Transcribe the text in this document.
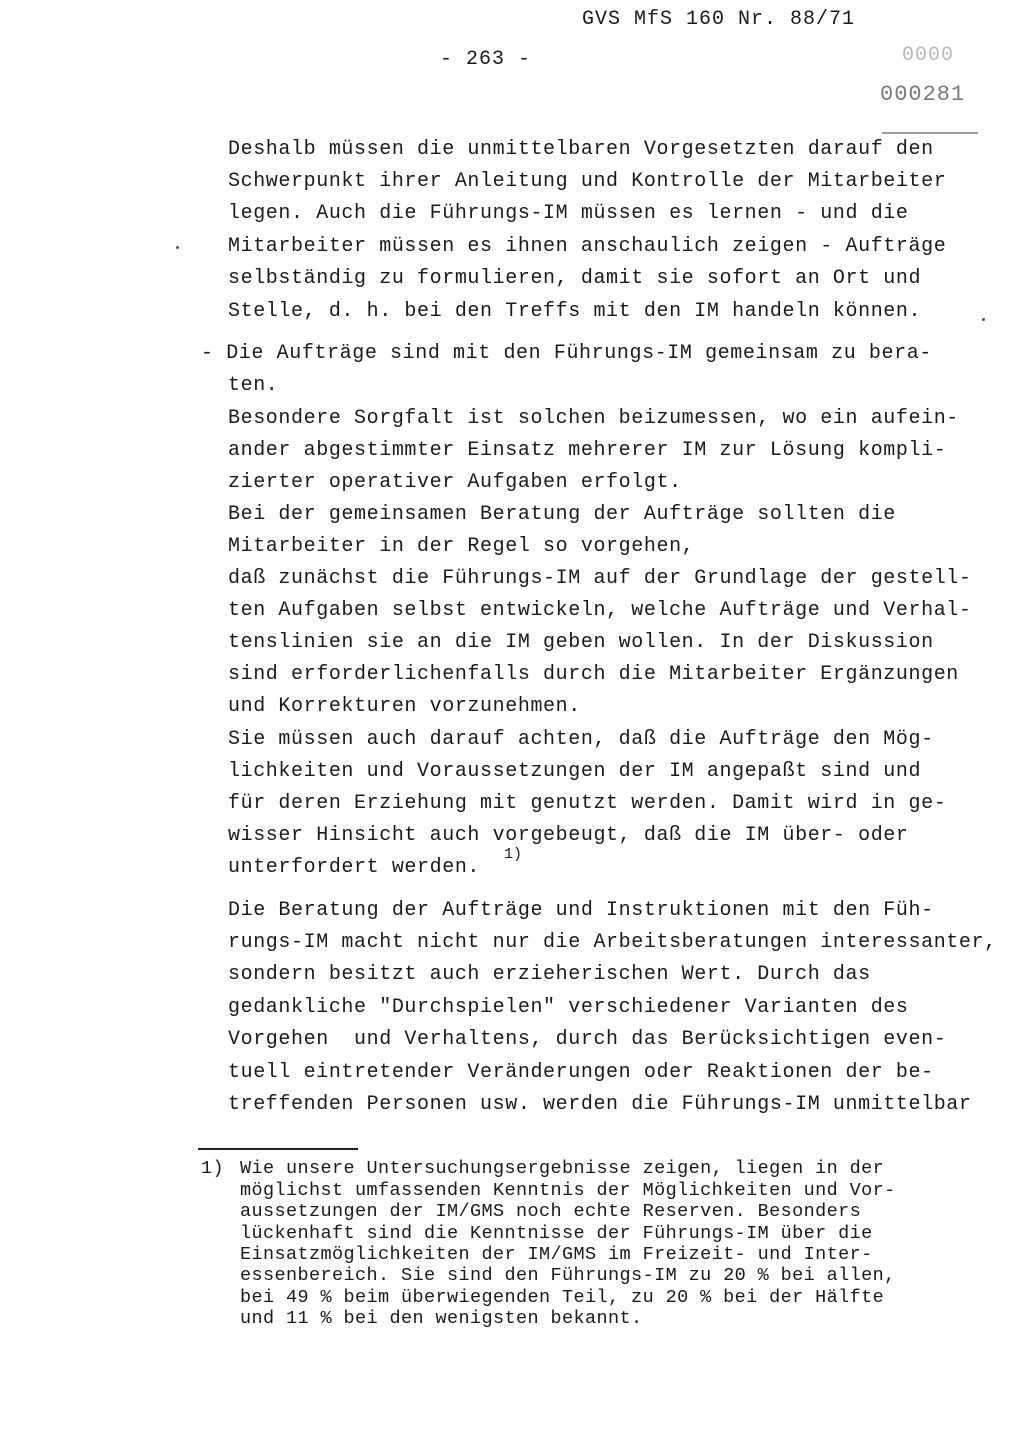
GVS MfS 160 Nr. 88/71
- 263 -	0000
000281
Deshalb müssen die unmittelbaren Vorgesetzten darauf den
Schwerpunkt ihrer Anleitung und Kontrolle der Mitarbeiter
legen. Auch die Führungs-IM müssen es lernen - und die
Mitarbeiter müssen es ihnen anschaulich zeigen - Aufträge
selbständig zu formulieren, damit sie sofort an Ort und
Stelle, d. h. bei den Treffs mit den IM handeln können.
- Die Aufträge sind mit den Führungs-IM gemeinsam zu bera-
ten.
Besondere Sorgfalt ist solchen beizumessen, wo ein aufein-
ander abgestimmter Einsatz mehrerer IM zur Lösung kompli-
zierter operativer Aufgaben erfolgt.
Bei der gemeinsamen Beratung der Aufträge sollten die
Mitarbeiter in der Regel so vorgehen,
daß zunächst die Führungs-IM auf der Grundlage der gestell-
ten Aufgaben selbst entwickeln, welche Aufträge und Verhal-
tenslinien sie an die IM geben wollen. In der Diskussion
sind erforderlichenfalls durch die Mitarbeiter Ergänzungen
und Korrekturen vorzunehmen.
Sie müssen auch darauf achten, daß die Aufträge den Mög-
lichkeiten und Voraussetzungen der IM angepaßt sind und
für deren Erziehung mit genutzt werden. Damit wird in ge-
wisser Hinsicht auch vorgebeugt, daß die IM über- oder
unterfordert werden.
1)
Die Beratung der Aufträge und Instruktionen mit den Füh-
rungs-IM macht nicht nur die Arbeitsberatungen interessanter,
sondern besitzt auch erzieherischen Wert. Durch das
gedankliche "Durchspielen" verschiedener Varianten des
Vorgehen  und Verhaltens, durch das Berücksichtigen even-
tuell eintretender Veränderungen oder Reaktionen der be-
treffenden Personen usw. werden die Führungs-IM unmittelbar
1) Wie unsere Untersuchungsergebnisse zeigen, liegen in der
möglichst umfassenden Kenntnis der Möglichkeiten und Vor-
aussetzungen der IM/GMS noch echte Reserven. Besonders
lückenhaft sind die Kenntnisse der Führungs-IM über die
Einsatzmöglichkeiten der IM/GMS im Freizeit- und Inter-
essenbereich. Sie sind den Führungs-IM zu 20 % bei allen,
bei 49 % beim überwiegenden Teil, zu 20 % bei der Hälfte
und 11 % bei den wenigsten bekannt.
